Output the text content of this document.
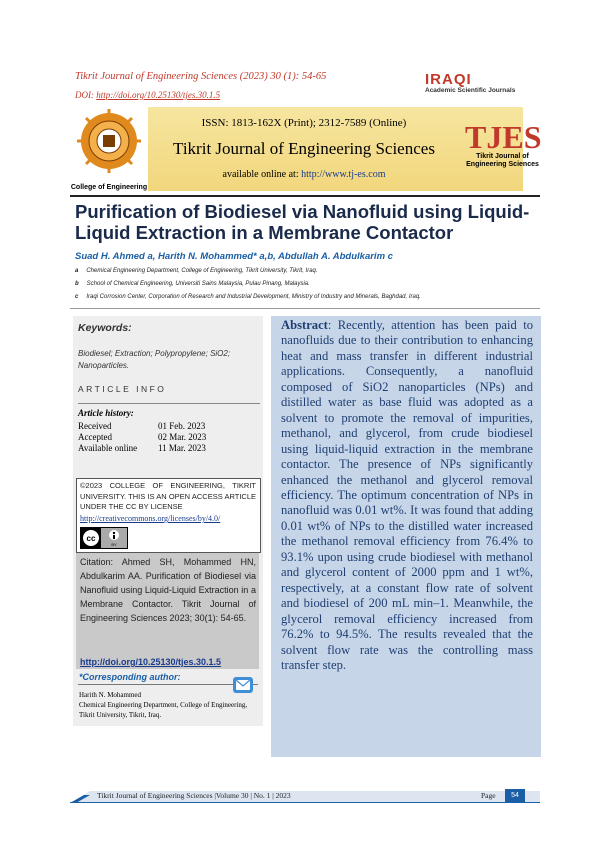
Tikrit Journal of Engineering Sciences (2023) 30 (1): 54-65
DOI: http://doi.org/10.25130/tjes.30.1.5
IRAQI
Academic Scientific Journals
College of Engineering
ISSN: 1813-162X (Print); 2312-7589 (Online)
Tikrit Journal of Engineering Sciences
available online at: http://www.tj-es.com
TJES
Tikrit Journal of Engineering Sciences
Purification of Biodiesel via Nanofluid using Liquid-Liquid Extraction in a Membrane Contactor
Suad H. Ahmed a, Harith N. Mohammed* a,b, Abdullah A. Abdulkarim c
a Chemical Engineering Department, College of Engineering, Tikrit University, Tikrit, Iraq.
b School of Chemical Engineering, Universiti Sains Malaysia, Pulau Pinang, Malaysia.
c Iraqi Corrosion Center, Corporation of Research and Industrial Development, Ministry of Industry and Minerals, Baghdad, Iraq.
Keywords:
Biodiesel; Extraction; Polypropylene; SiO2; Nanoparticles.
ARTICLE INFO
Article history:
Received	01 Feb. 2023
Accepted	02 Mar. 2023
Available online 11 Mar. 2023
©2023 COLLEGE OF ENGINEERING, TIKRIT UNIVERSITY. THIS IS AN OPEN ACCESS ARTICLE UNDER THE CC BY LICENSE
http://creativecommons.org/licenses/by/4.0/
cc
BY
Citation: Ahmed SH, Mohammed HN, Abdulkarim AA. Purification of Biodiesel via Nanofluid using Liquid-Liquid Extraction in a Membrane Contactor. Tikrit Journal of Engineering Sciences 2023; 30(1): 54-65.
http://doi.org/10.25130/tjes.30.1.5
*Corresponding author:
Harith N. Mohammed
Chemical Engineering Department, College of Engineering, Tikrit University, Tikrit, Iraq.
Abstract: Recently, attention has been paid to nanofluids due to their contribution to enhancing heat and mass transfer in different industrial applications. Consequently, a nanofluid composed of SiO2 nanoparticles (NPs) and distilled water as base fluid was adopted as a solvent to promote the removal of impurities, methanol, and glycerol, from crude biodiesel using liquid-liquid extraction in the membrane contactor. The presence of NPs significantly enhanced the methanol and glycerol removal efficiency. The optimum concentration of NPs in nanofluid was 0.01 wt%. It was found that adding 0.01 wt% of NPs to the distilled water increased the methanol removal efficiency from 76.4% to 93.1% upon using crude biodiesel with methanol and glycerol content of 2000 ppm and 1 wt%, respectively, at a constant flow rate of solvent and biodiesel of 200 mL min–1. Meanwhile, the glycerol removal efficiency increased from 76.2% to 94.5%. The results revealed that the solvent flow rate was the controlling mass transfer step.
Tikrit Journal of Engineering Sciences |Volume 30 | No. 1 | 2023	Page	54
